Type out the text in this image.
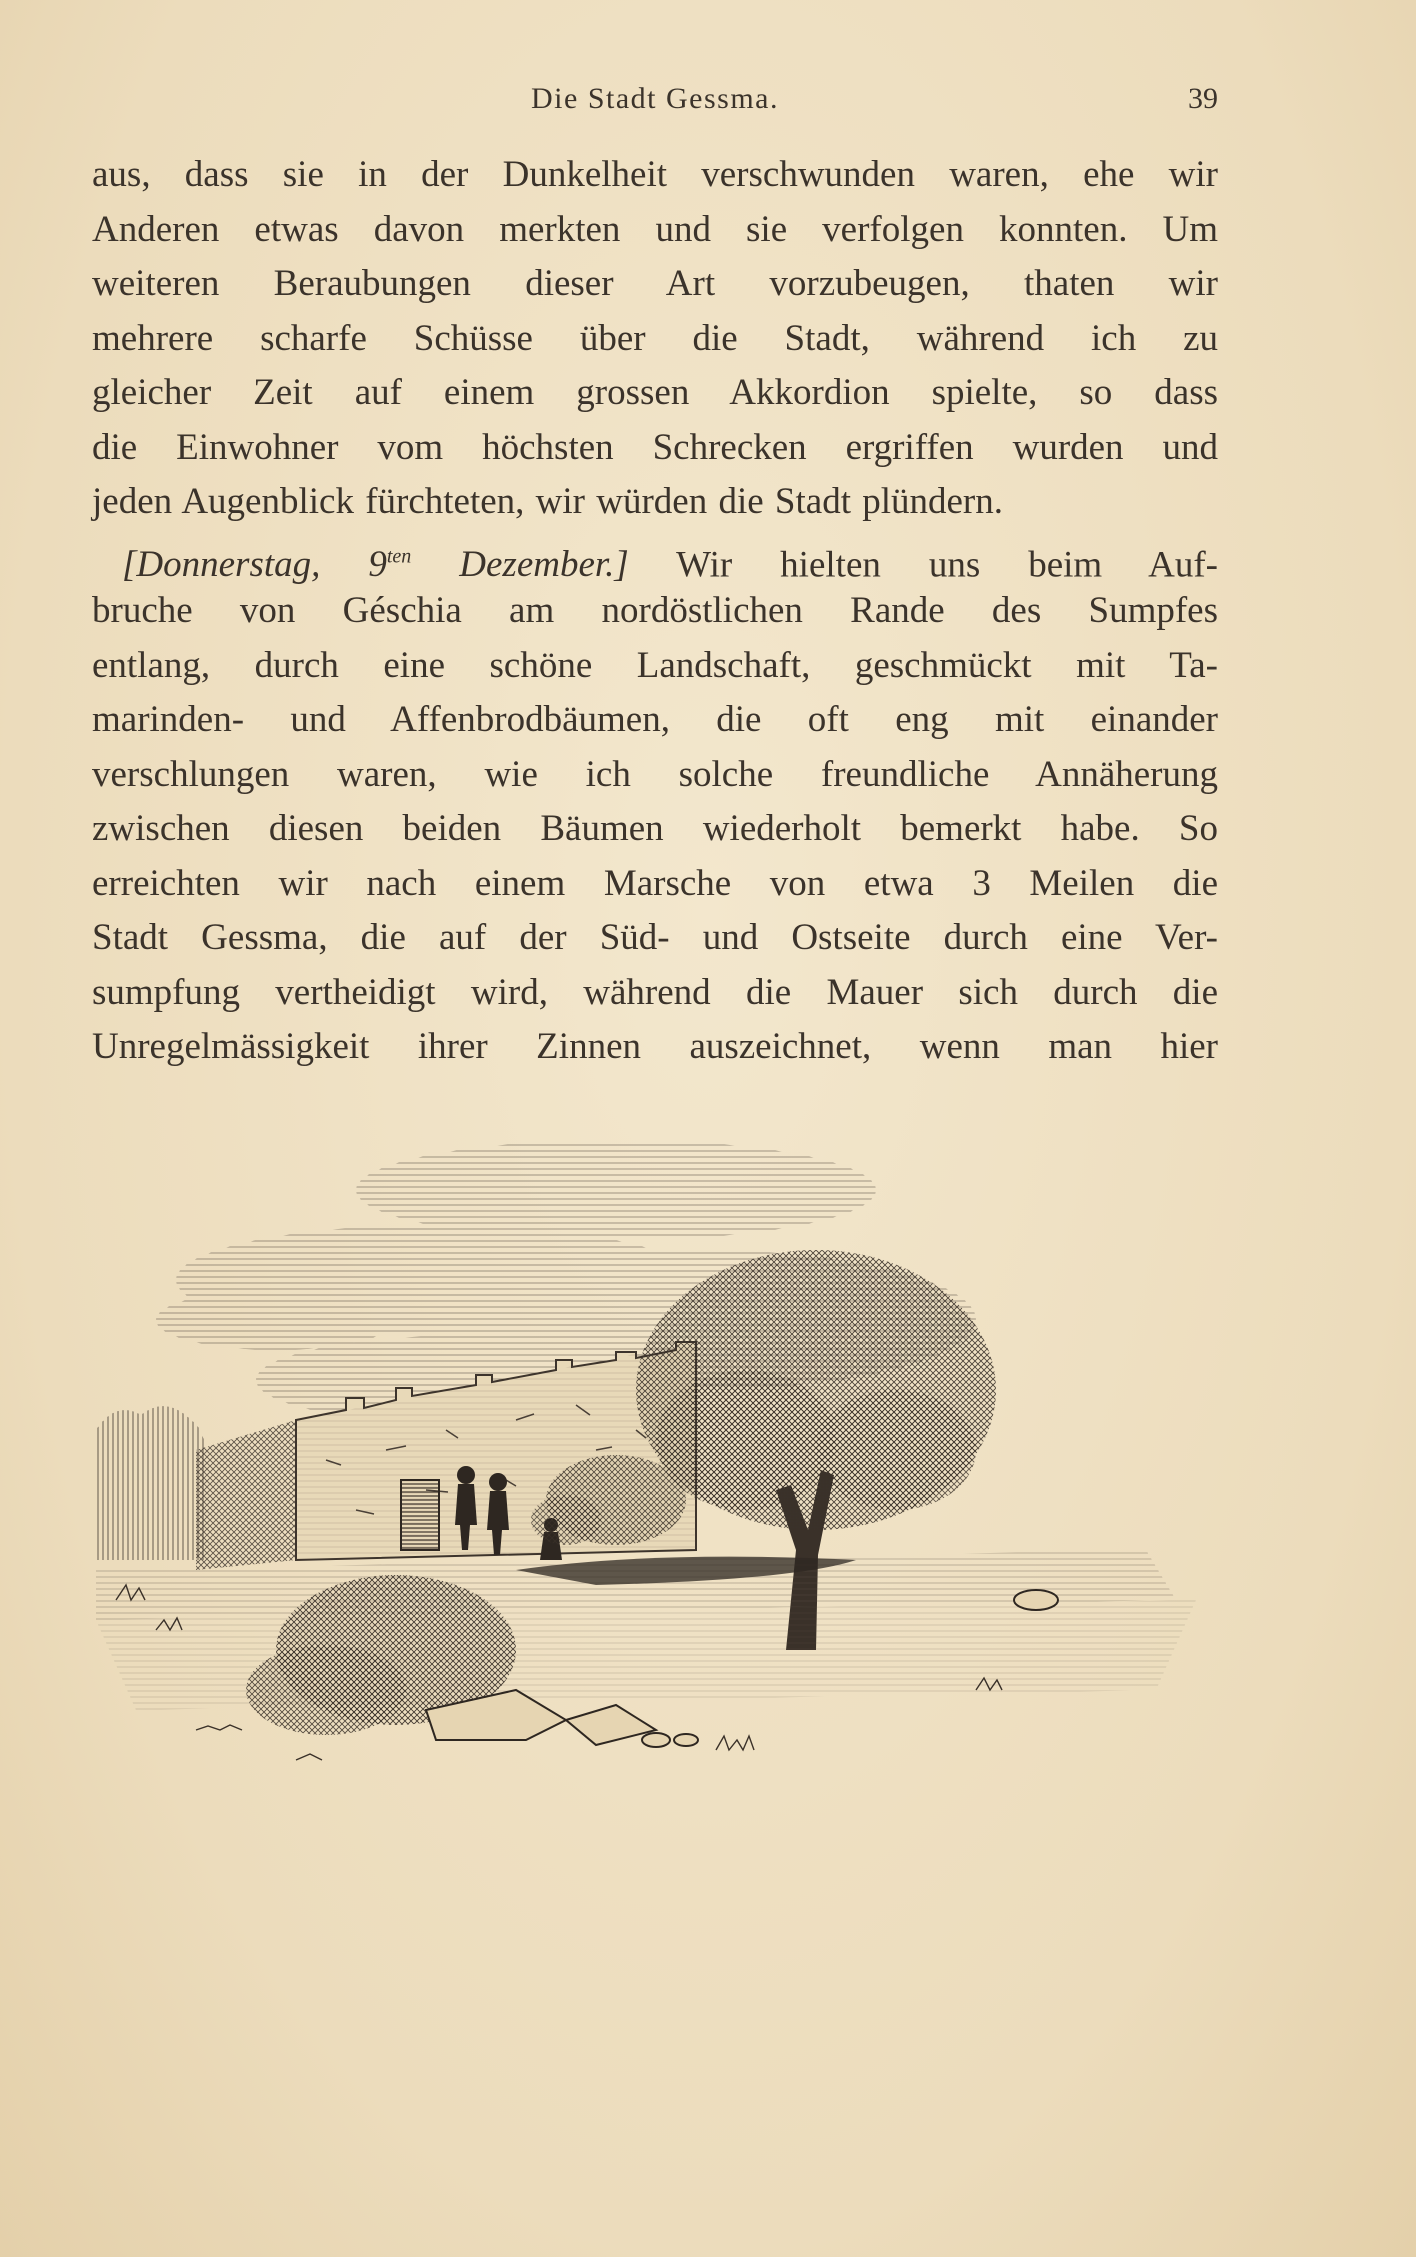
Die Stadt Gessma.	39
aus, dass sie in der Dunkelheit verschwunden waren, ehe wir
Anderen etwas davon merkten und sie verfolgen konnten. Um
weiteren Beraubungen dieser Art vorzubeugen, thaten wir
mehrere scharfe Schüsse über die Stadt, während ich zu
gleicher Zeit auf einem grossen Akkordion spielte, so dass
die Einwohner vom höchsten Schrecken ergriffen wurden und
jeden Augenblick fürchteten, wir würden die Stadt plündern.
[Donnerstag, $9^{ten}$ Dezember.] Wir hielten uns beim Auf-
bruche von Géschia am nordöstlichen Rande des Sumpfes
entlang, durch eine schöne Landschaft, geschmückt mit Ta-
marinden- und Affenbrodbäumen, die oft eng mit einander
verschlungen waren, wie ich solche freundliche Annäherung
zwischen diesen beiden Bäumen wiederholt bemerkt habe. So
erreichten wir nach einem Marsche von etwa 3 Meilen die
Stadt Gessma, die auf der Süd- und Ostseite durch eine Ver-
sumpfung vertheidigt wird, während die Mauer sich durch die
Unregelmässigkeit ihrer Zinnen auszeichnet, wenn man hier
